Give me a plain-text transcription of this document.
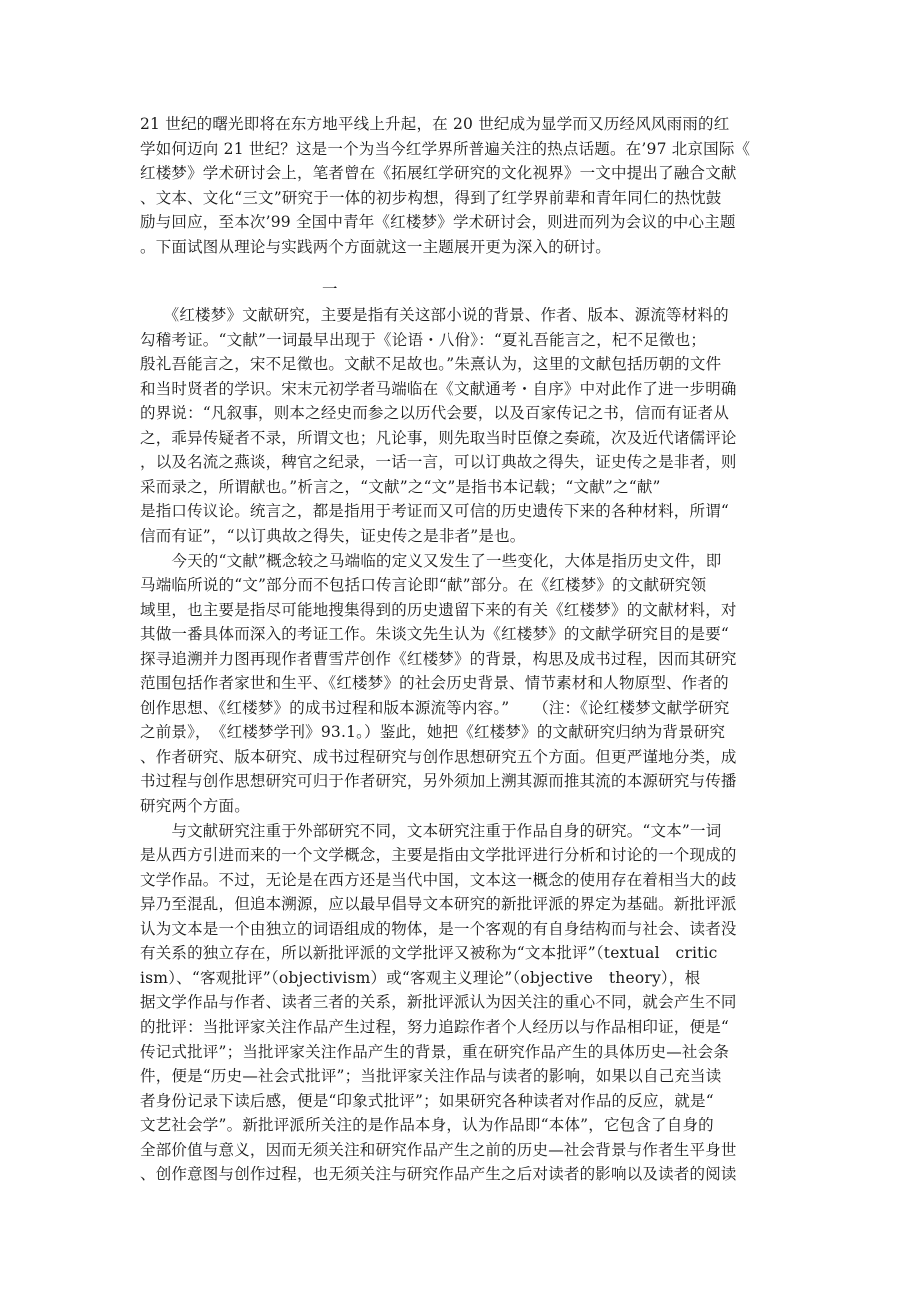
21 世纪的曙光即将在东方地平线上升起，在 20 世纪成为显学而又历经风风雨雨的红
学如何迈向 21 世纪？这是一个为当今红学界所普遍关注的热点话题。在’97 北京国际《
红楼梦》学术研讨会上，笔者曾在《拓展红学研究的文化视界》一文中提出了融合文献
、文本、文化“三文”研究于一体的初步构想，得到了红学界前辈和青年同仁的热忱鼓
励与回应，至本次’99 全国中青年《红楼梦》学术研讨会，则进而列为会议的中心主题
。下面试图从理论与实践两个方面就这一主题展开更为深入的研讨。
一
　　《红楼梦》文献研究，主要是指有关这部小说的背景、作者、版本、源流等材料的
勾稽考证。“文献”一词最早出现于《论语・八佾》：“夏礼吾能言之，杞不足徵也；
殷礼吾能言之，宋不足徵也。文献不足故也。”朱熹认为，这里的文献包括历朝的文件
和当时贤者的学识。宋末元初学者马端临在《文献通考・自序》中对此作了进一步明确
的界说：“凡叙事，则本之经史而参之以历代会要，以及百家传记之书，信而有证者从
之，乖异传疑者不录，所谓文也；凡论事，则先取当时臣僚之奏疏，次及近代诸儒评论
，以及名流之燕谈，稗官之纪录，一话一言，可以订典故之得失，证史传之是非者，则
采而录之，所谓献也。”析言之，“文献”之“文”是指书本记载；“文献”之“献”
是指口传议论。统言之，都是指用于考证而又可信的历史遗传下来的各种材料，所谓“
信而有证”，“以订典故之得失，证史传之是非者”是也。
　　今天的“文献”概念较之马端临的定义又发生了一些变化，大体是指历史文件，即
马端临所说的“文”部分而不包括口传言论即“献”部分。在《红楼梦》的文献研究领
域里，也主要是指尽可能地搜集得到的历史遗留下来的有关《红楼梦》的文献材料，对
其做一番具体而深入的考证工作。朱谈文先生认为《红楼梦》的文献学研究目的是要“
探寻追溯并力图再现作者曹雪芹创作《红楼梦》的背景，构思及成书过程，因而其研究
范围包括作者家世和生平、《红楼梦》的社会历史背景、情节素材和人物原型、作者的
创作思想、《红楼梦》的成书过程和版本源流等内容。”　　（注：《论红楼梦文献学研究
之前景》，　《红楼梦学刊》93.1。）鉴此，她把《红楼梦》的文献研究归纳为背景研究
、作者研究、版本研究、成书过程研究与创作思想研究五个方面。但更严谨地分类，成
书过程与创作思想研究可归于作者研究，另外须加上溯其源而推其流的本源研究与传播
研究两个方面。
　　与文献研究注重于外部研究不同，文本研究注重于作品自身的研究。“文本”一词
是从西方引进而来的一个文学概念，主要是指由文学批评进行分析和讨论的一个现成的
文学作品。不过，无论是在西方还是当代中国，文本这一概念的使用存在着相当大的歧
异乃至混乱，但追本溯源，应以最早倡导文本研究的新批评派的界定为基础。新批评派
认为文本是一个由独立的词语组成的物体，是一个客观的有自身结构而与社会、读者没
有关系的独立存在，所以新批评派的文学批评又被称为“文本批评”（textual　critic
ism）、“客观批评”（objectivism）或“客观主义理论”（objective　theory），根
据文学作品与作者、读者三者的关系，新批评派认为因关注的重心不同，就会产生不同
的批评：当批评家关注作品产生过程，努力追踪作者个人经历以与作品相印证，便是“
传记式批评”；当批评家关注作品产生的背景，重在研究作品产生的具体历史—社会条
件，便是“历史—社会式批评”；当批评家关注作品与读者的影响，如果以自己充当读
者身份记录下读后感，便是“印象式批评”；如果研究各种读者对作品的反应，就是“
文艺社会学”。新批评派所关注的是作品本身，认为作品即“本体”，它包含了自身的
全部价值与意义，因而无须关注和研究作品产生之前的历史—社会背景与作者生平身世
、创作意图与创作过程，也无须关注与研究作品产生之后对读者的影响以及读者的阅读
